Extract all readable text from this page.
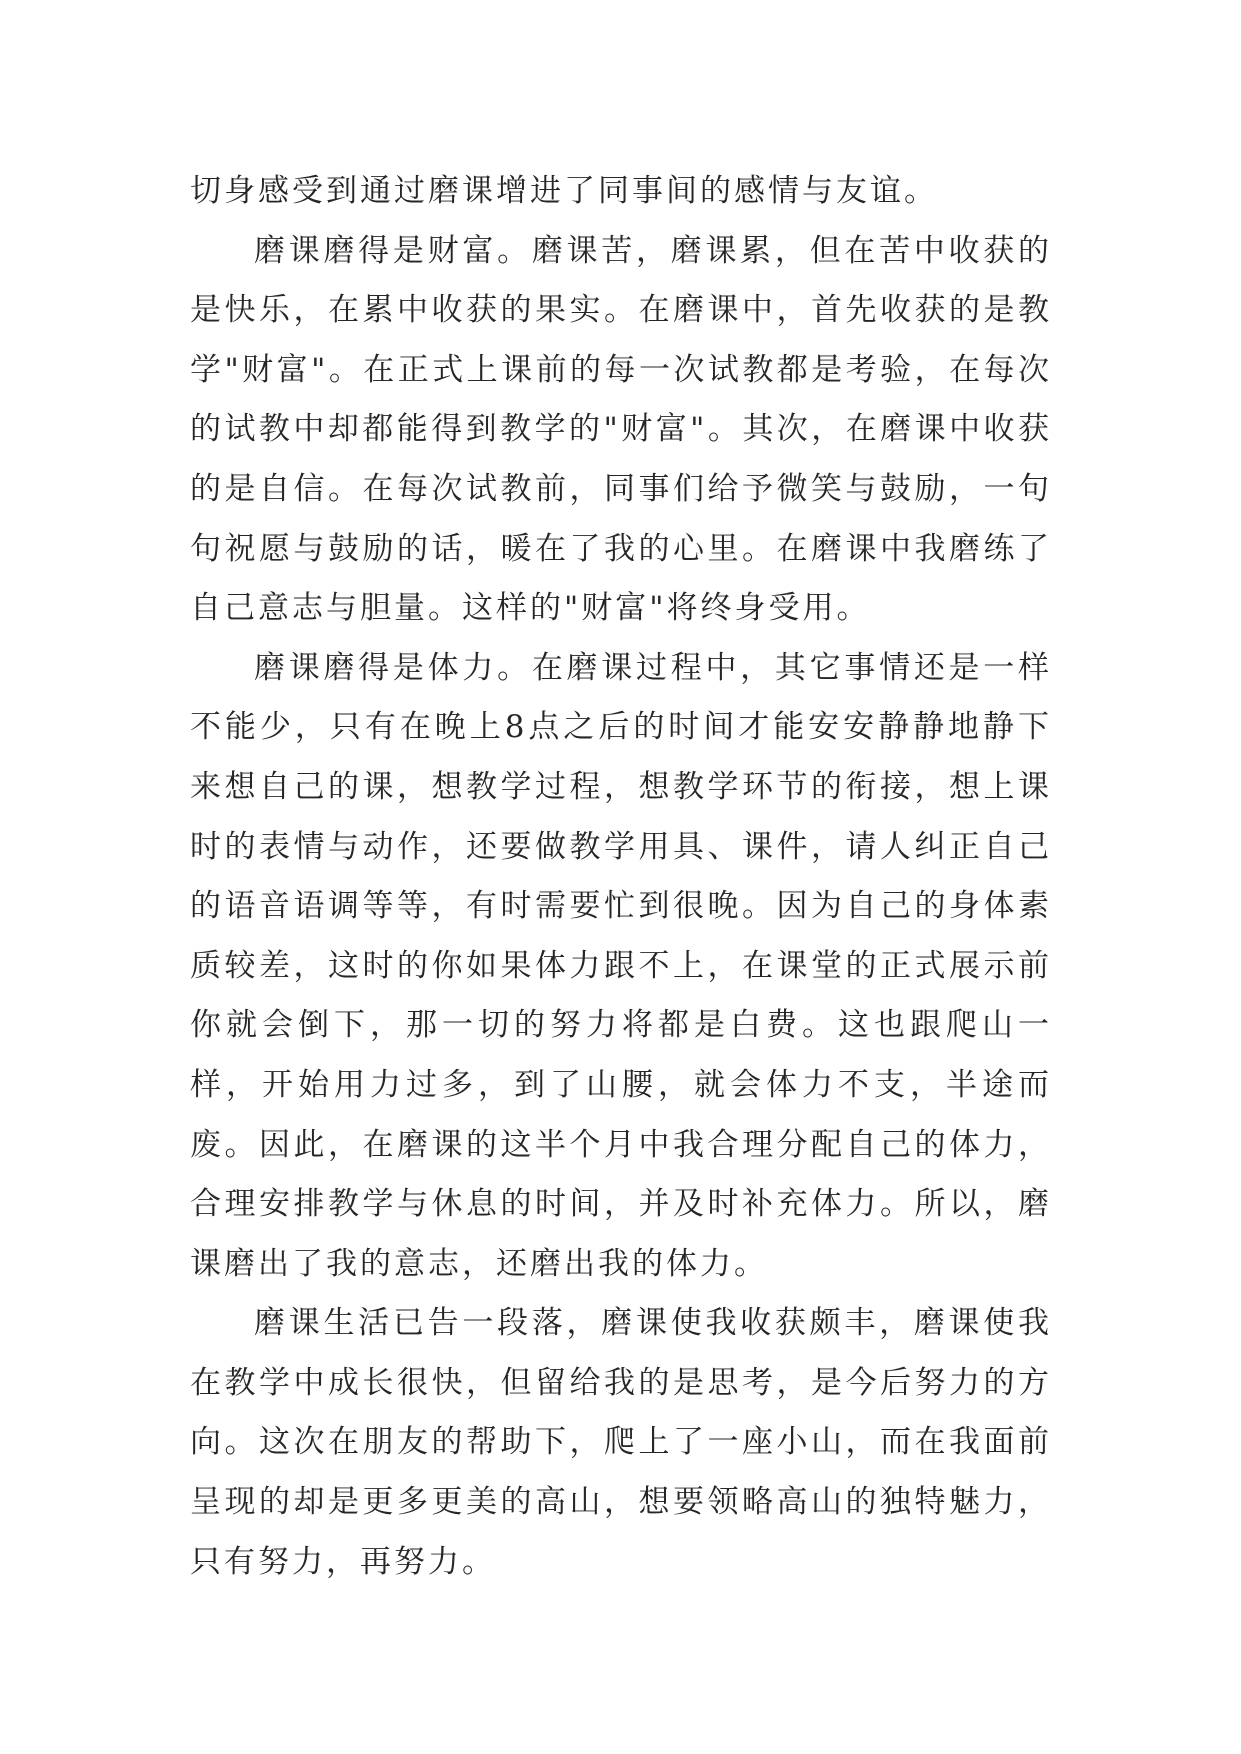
切身感受到通过磨课增进了同事间的感情与友谊。

磨课磨得是财富。磨课苦，磨课累，但在苦中收获的是快乐，在累中收获的果实。在磨课中，首先收获的是教学"财富"。在正式上课前的每一次试教都是考验，在每次的试教中却都能得到教学的"财富"。其次，在磨课中收获的是自信。在每次试教前，同事们给予微笑与鼓励，一句句祝愿与鼓励的话，暖在了我的心里。在磨课中我磨练了自己意志与胆量。这样的"财富"将终身受用。

磨课磨得是体力。在磨课过程中，其它事情还是一样不能少，只有在晚上8点之后的时间才能安安静静地静下来想自己的课，想教学过程，想教学环节的衔接，想上课时的表情与动作，还要做教学用具、课件，请人纠正自己的语音语调等等，有时需要忙到很晚。因为自己的身体素质较差，这时的你如果体力跟不上，在课堂的正式展示前你就会倒下，那一切的努力将都是白费。这也跟爬山一样，开始用力过多，到了山腰，就会体力不支，半途而废。因此，在磨课的这半个月中我合理分配自己的体力，合理安排教学与休息的时间，并及时补充体力。所以，磨课磨出了我的意志，还磨出我的体力。

磨课生活已告一段落，磨课使我收获颇丰，磨课使我在教学中成长很快，但留给我的是思考，是今后努力的方向。这次在朋友的帮助下，爬上了一座小山，而在我面前呈现的却是更多更美的高山，想要领略高山的独特魅力，只有努力，再努力。
